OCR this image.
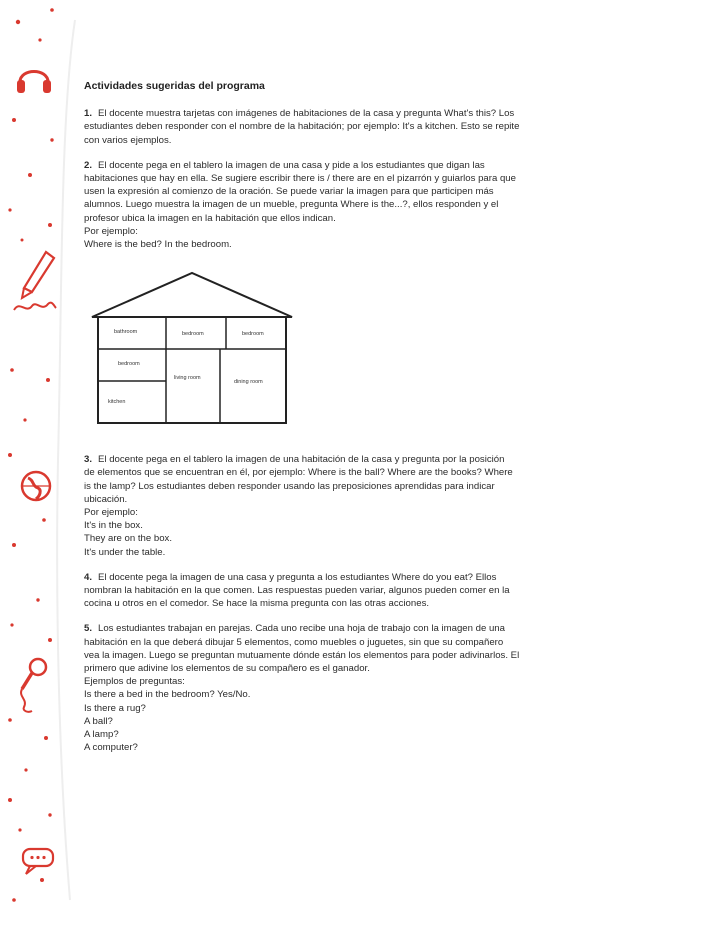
Actividades sugeridas del programa
1. El docente muestra tarjetas con imágenes de habitaciones de la casa y pregunta What's this? Los
estudiantes deben responder con el nombre de la habitación; por ejemplo: It's a kitchen. Esto se repite
con varios ejemplos.
2. El docente pega en el tablero la imagen de una casa y pide a los estudiantes que digan las
habitaciones que hay en ella. Se sugiere escribir there is / there are en el pizarrón y guiarlos para que
usen la expresión al comienzo de la oración. Se puede variar la imagen para que participen más
alumnos. Luego muestra la imagen de un mueble, pregunta Where is the...?, ellos responden y el
profesor ubica la imagen en la habitación que ellos indican.
Por ejemplo:
Where is the bed? In the bedroom.
bathroom	bedroom	bedroom
bedroom
living room
dining room
kitchen
3. El docente pega en el tablero la imagen de una habitación de la casa y pregunta por la posición
de elementos que se encuentran en él, por ejemplo: Where is the ball? Where are the books? Where
is the lamp? Los estudiantes deben responder usando las preposiciones aprendidas para indicar
ubicación.
Por ejemplo:
It's in the box.
They are on the box.
It's under the table.
4. El docente pega la imagen de una casa y pregunta a los estudiantes Where do you eat? Ellos
nombran la habitación en la que comen. Las respuestas pueden variar, algunos pueden comer en la
cocina u otros en el comedor. Se hace la misma pregunta con las otras acciones.
5. Los estudiantes trabajan en parejas. Cada uno recibe una hoja de trabajo con la imagen de una
habitación en la que deberá dibujar 5 elementos, como muebles o juguetes, sin que su compañero
vea la imagen. Luego se preguntan mutuamente dónde están los elementos para poder adivinarlos. El
primero que adivine los elementos de su compañero es el ganador.
Ejemplos de preguntas:
Is there a bed in the bedroom? Yes/No.
Is there a rug?
A ball?
A lamp?
A computer?
